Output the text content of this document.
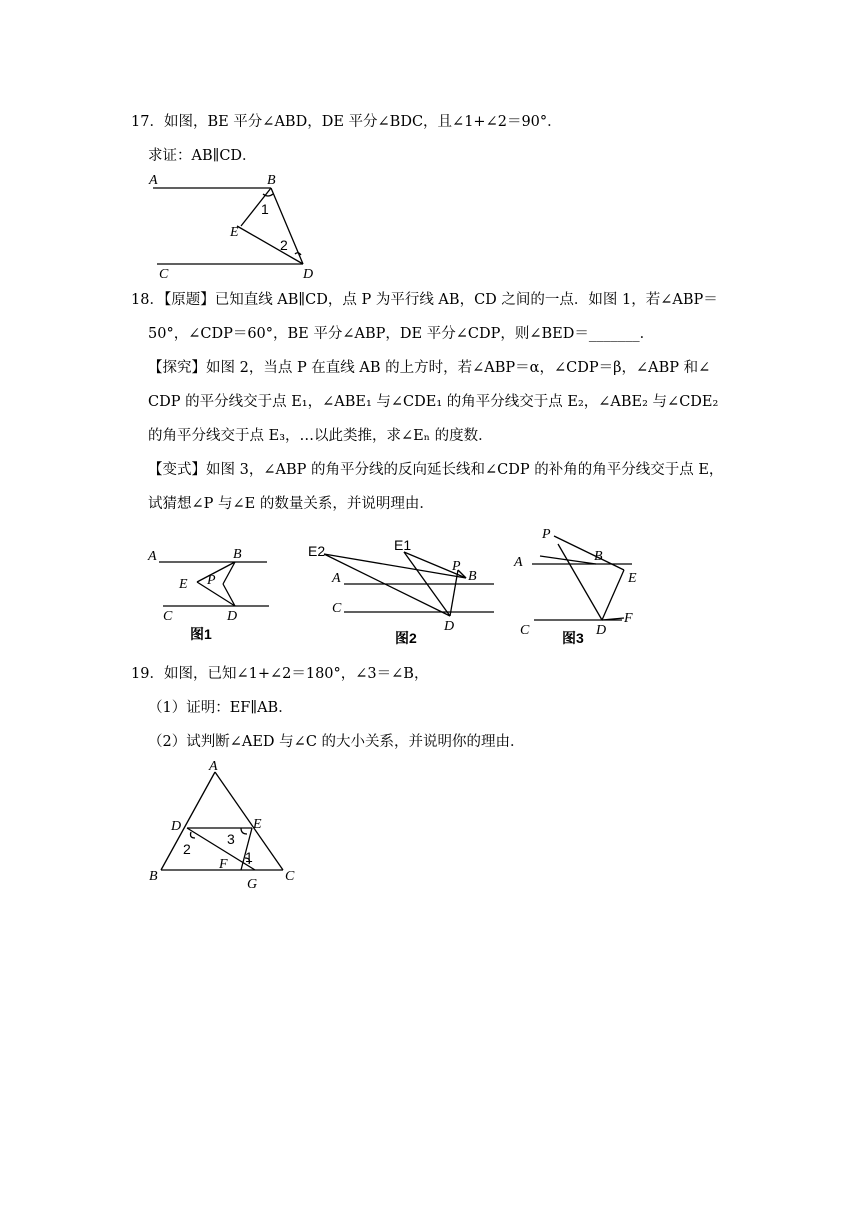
17．如图，BE 平分∠ABD，DE 平分∠BDC，且∠1+∠2＝90°．
求证：AB∥CD．
A	B
C	D
E
1
2
18．【原题】已知直线 AB∥CD，点 P 为平行线 AB，CD 之间的一点．如图 1，若∠ABP＝
50°，∠CDP＝60°，BE 平分∠ABP，DE 平分∠CDP，则∠BED＝_______．
【探究】如图 2，当点 P 在直线 AB 的上方时，若∠ABP＝α，∠CDP＝β，∠ABP 和∠
CDP 的平分线交于点 E₁，∠ABE₁ 与∠CDE₁ 的角平分线交于点 E₂，∠ABE₂ 与∠CDE₂
的角平分线交于点 E₃，…以此类推，求∠Eₙ 的度数．
【变式】如图 3，∠ABP 的角平分线的反向延长线和∠CDP 的补角的角平分线交于点 E，
试猜想∠P 与∠E 的数量关系，并说明理由．
A	B
C	D
E P
图1
E2	E1
A	B
C
D
P
图2
P
A	B
E
C	D
F
图3
19．如图，已知∠1+∠2＝180°，∠3＝∠B，
（1）证明：EF∥AB．
（2）试判断∠AED 与∠C 的大小关系，并说明你的理由．
A
B	C
D	E
F
G
1
2
3
